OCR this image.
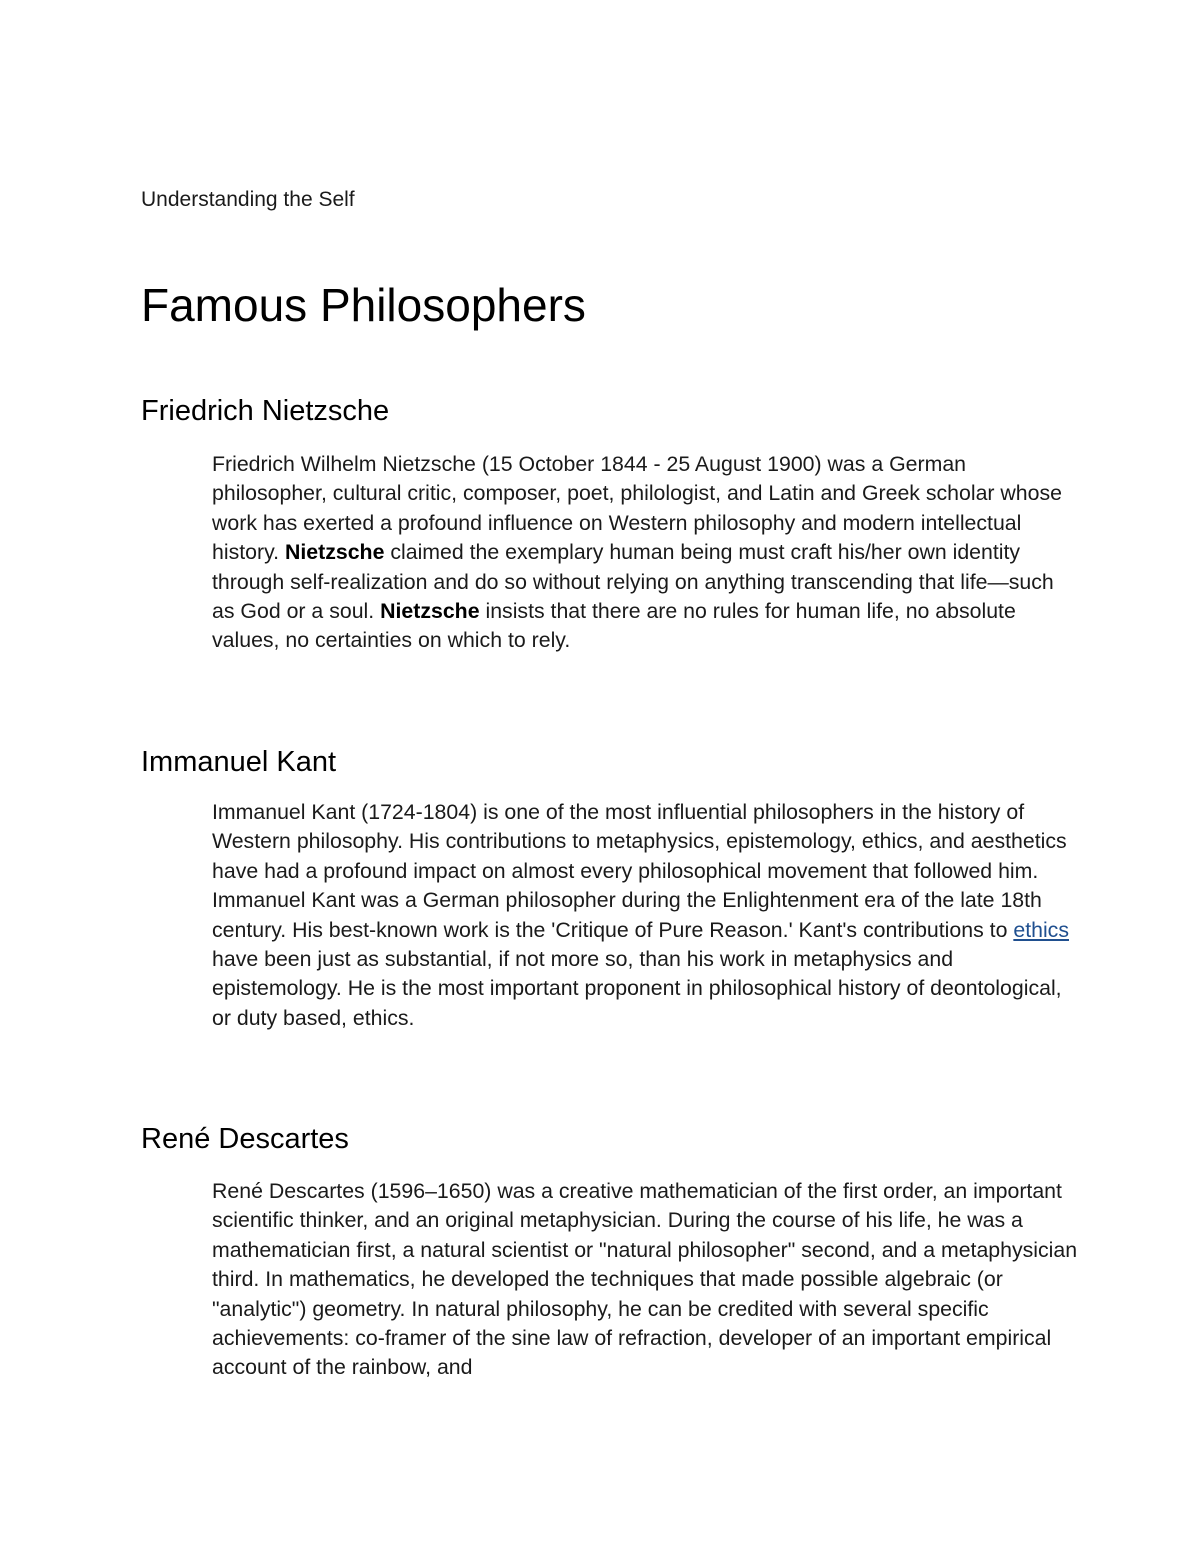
Understanding the Self
Famous Philosophers
Friedrich Nietzsche

Friedrich Wilhelm Nietzsche (15 October 1844 - 25 August 1900) was a German philosopher, cultural critic, composer, poet, philologist, and Latin and Greek scholar whose work has exerted a profound influence on Western philosophy and modern intellectual history. Nietzsche claimed the exemplary human being must craft his/her own identity through self-realization and do so without relying on anything transcending that life—such as God or a soul. Nietzsche insists that there are no rules for human life, no absolute values, no certainties on which to rely.

Immanuel Kant

Immanuel Kant (1724-1804) is one of the most influential philosophers in the history of Western philosophy. His contributions to metaphysics, epistemology, ethics, and aesthetics have had a profound impact on almost every philosophical movement that followed him. Immanuel Kant was a German philosopher during the Enlightenment era of the late 18th century. His best-known work is the 'Critique of Pure Reason.' Kant's contributions to ethics have been just as substantial, if not more so, than his work in metaphysics and epistemology. He is the most important proponent in philosophical history of deontological, or duty based, ethics.

René Descartes

René Descartes (1596–1650) was a creative mathematician of the first order, an important scientific thinker, and an original metaphysician. During the course of his life, he was a mathematician first, a natural scientist or "natural philosopher" second, and a metaphysician third. In mathematics, he developed the techniques that made possible algebraic (or "analytic") geometry. In natural philosophy, he can be credited with several specific achievements: co-framer of the sine law of refraction, developer of an important empirical account of the rainbow, and
